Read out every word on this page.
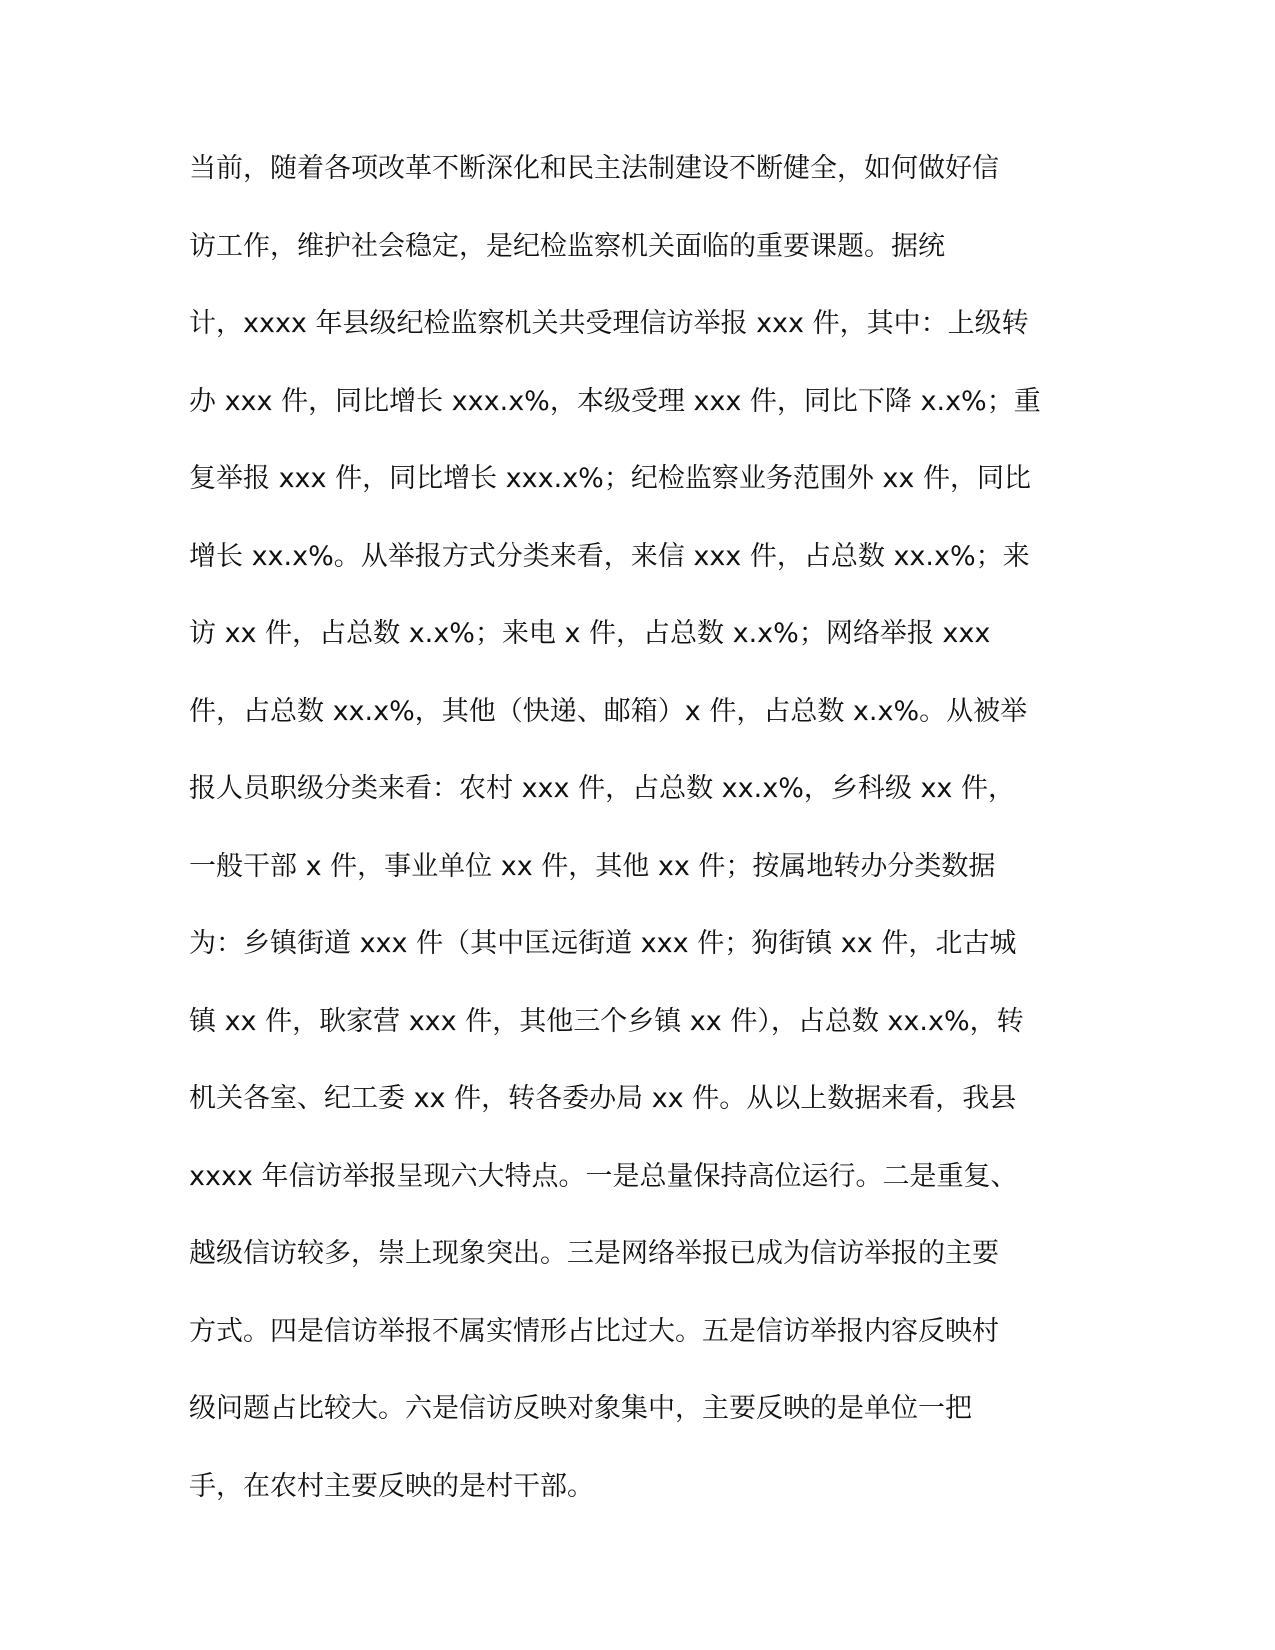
当前，随着各项改革不断深化和民主法制建设不断健全，如何做好信
访工作，维护社会稳定，是纪检监察机关面临的重要课题。据统
计，xxxx 年县级纪检监察机关共受理信访举报 xxx 件，其中：上级转
办 xxx 件，同比增长 xxx.x%，本级受理 xxx 件，同比下降 x.x%；重
复举报 xxx 件，同比增长 xxx.x%；纪检监察业务范围外 xx 件，同比
增长 xx.x%。从举报方式分类来看，来信 xxx 件，占总数 xx.x%；来
访 xx 件，占总数 x.x%；来电 x 件，占总数 x.x%；网络举报 xxx
件，占总数 xx.x%，其他（快递、邮箱）x 件，占总数 x.x%。从被举
报人员职级分类来看：农村 xxx 件，占总数 xx.x%，乡科级 xx 件，
一般干部 x 件，事业单位 xx 件，其他 xx 件；按属地转办分类数据
为：乡镇街道 xxx 件（其中匡远街道 xxx 件；狗街镇 xx 件，北古城
镇 xx 件，耿家营 xxx 件，其他三个乡镇 xx 件），占总数 xx.x%，转
机关各室、纪工委 xx 件，转各委办局 xx 件。从以上数据来看，我县
xxxx 年信访举报呈现六大特点。一是总量保持高位运行。二是重复、
越级信访较多，崇上现象突出。三是网络举报已成为信访举报的主要
方式。四是信访举报不属实情形占比过大。五是信访举报内容反映村
级问题占比较大。六是信访反映对象集中，主要反映的是单位一把
手，在农村主要反映的是村干部。
